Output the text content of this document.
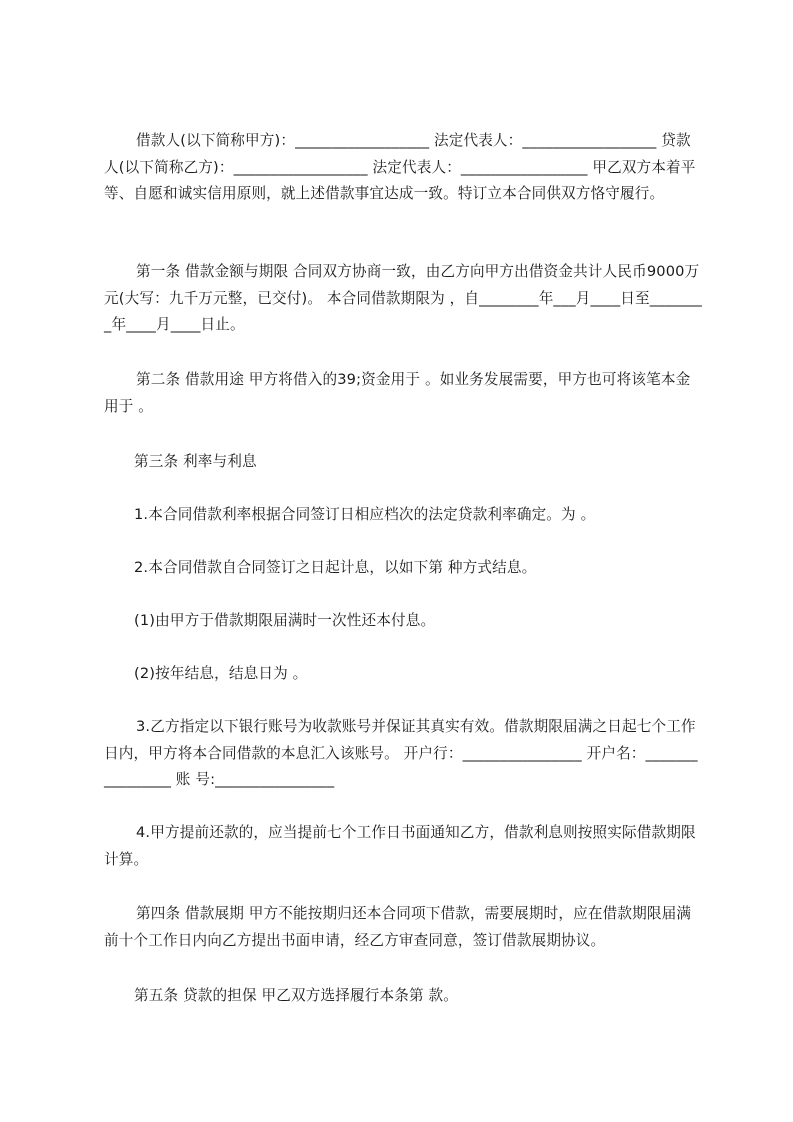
借款人(以下简称甲方)：__________________ 法定代表人：__________________ 贷款人(以下简称乙方)：__________________ 法定代表人：_________________ 甲乙双方本着平等、自愿和诚实信用原则，就上述借款事宜达成一致。特订立本合同供双方恪守履行。

第一条 借款金额与期限 合同双方协商一致，由乙方向甲方出借资金共计人民币9000万 元(大写：九千万元整，已交付)。 本合同借款期限为 ，自________年___月____日至________年____月____日止。

第二条 借款用途 甲方将借入的39;资金用于 。如业务发展需要，甲方也可将该笔本金用于 。

第三条 利率与利息

1.本合同借款利率根据合同签订日相应档次的法定贷款利率确定。为 。

2.本合同借款自合同签订之日起计息，以如下第 种方式结息。

(1)由甲方于借款期限届满时一次性还本付息。

(2)按年结息，结息日为 。

3.乙方指定以下银行账号为收款账号并保证其真实有效。借款期限届满之日起七个工作日内，甲方将本合同借款的本息汇入该账号。 开户行：________________ 开户名：________________ 账 号:________________

4.甲方提前还款的，应当提前七个工作日书面通知乙方，借款利息则按照实际借款期限计算。

第四条 借款展期 甲方不能按期归还本合同项下借款，需要展期时，应在借款期限届满前十个工作日内向乙方提出书面申请，经乙方审查同意，签订借款展期协议。

第五条 贷款的担保 甲乙双方选择履行本条第 款。
